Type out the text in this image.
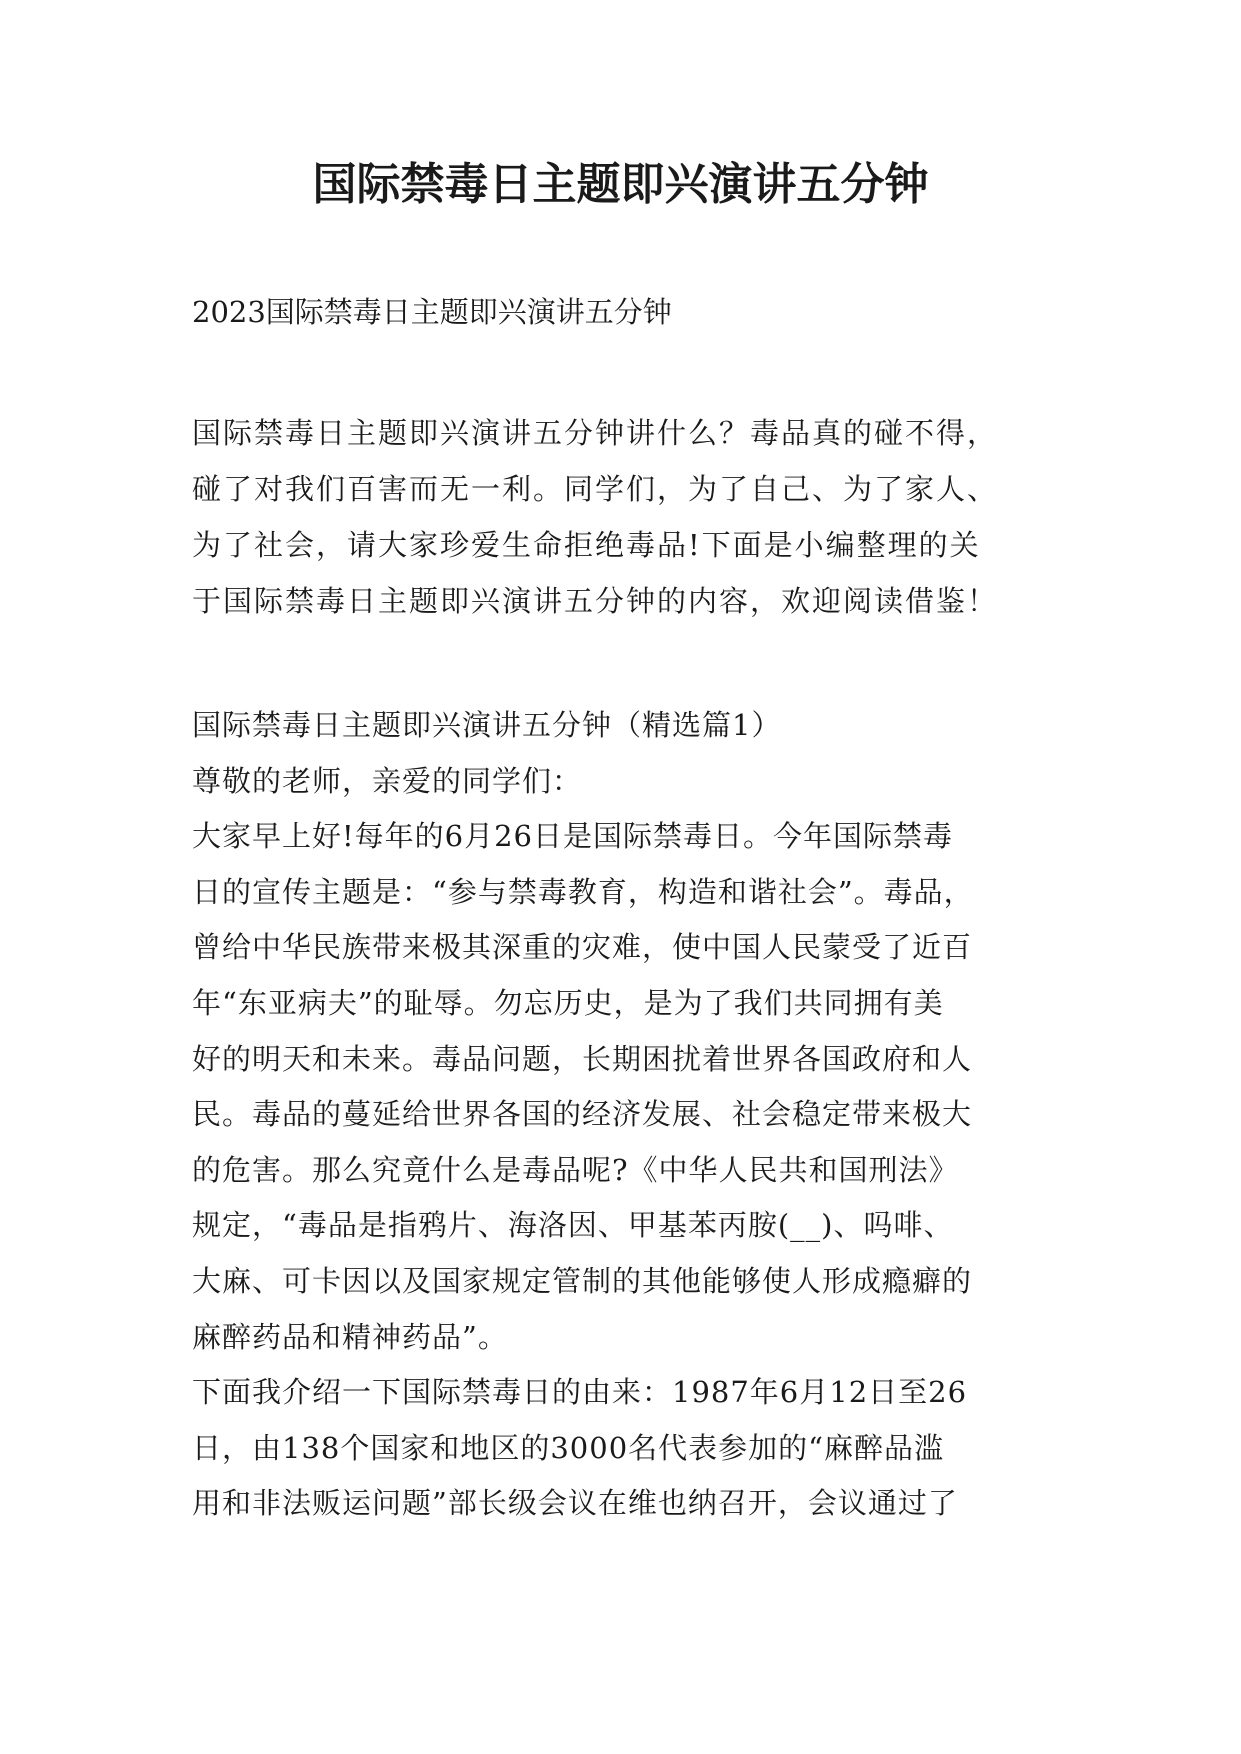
国际禁毒日主题即兴演讲五分钟

2023国际禁毒日主题即兴演讲五分钟

国际禁毒日主题即兴演讲五分钟讲什么？毒品真的碰不得，
碰了对我们百害而无一利。同学们，为了自己、为了家人、
为了社会，请大家珍爱生命拒绝毒品!下面是小编整理的关
于国际禁毒日主题即兴演讲五分钟的内容，欢迎阅读借鉴！

国际禁毒日主题即兴演讲五分钟（精选篇1）
尊敬的老师，亲爱的同学们：
大家早上好!每年的6月26日是国际禁毒日。今年国际禁毒
日的宣传主题是：“参与禁毒教育，构造和谐社会”。毒品，
曾给中华民族带来极其深重的灾难，使中国人民蒙受了近百
年“东亚病夫”的耻辱。勿忘历史，是为了我们共同拥有美
好的明天和未来。毒品问题，长期困扰着世界各国政府和人
民。毒品的蔓延给世界各国的经济发展、社会稳定带来极大
的危害。那么究竟什么是毒品呢?《中华人民共和国刑法》
规定，“毒品是指鸦片、海洛因、甲基苯丙胺(__)、吗啡、
大麻、可卡因以及国家规定管制的其他能够使人形成瘾癖的
麻醉药品和精神药品”。
下面我介绍一下国际禁毒日的由来：1987年6月12日至26
日，由138个国家和地区的3000名代表参加的“麻醉品滥
用和非法贩运问题”部长级会议在维也纳召开，会议通过了
